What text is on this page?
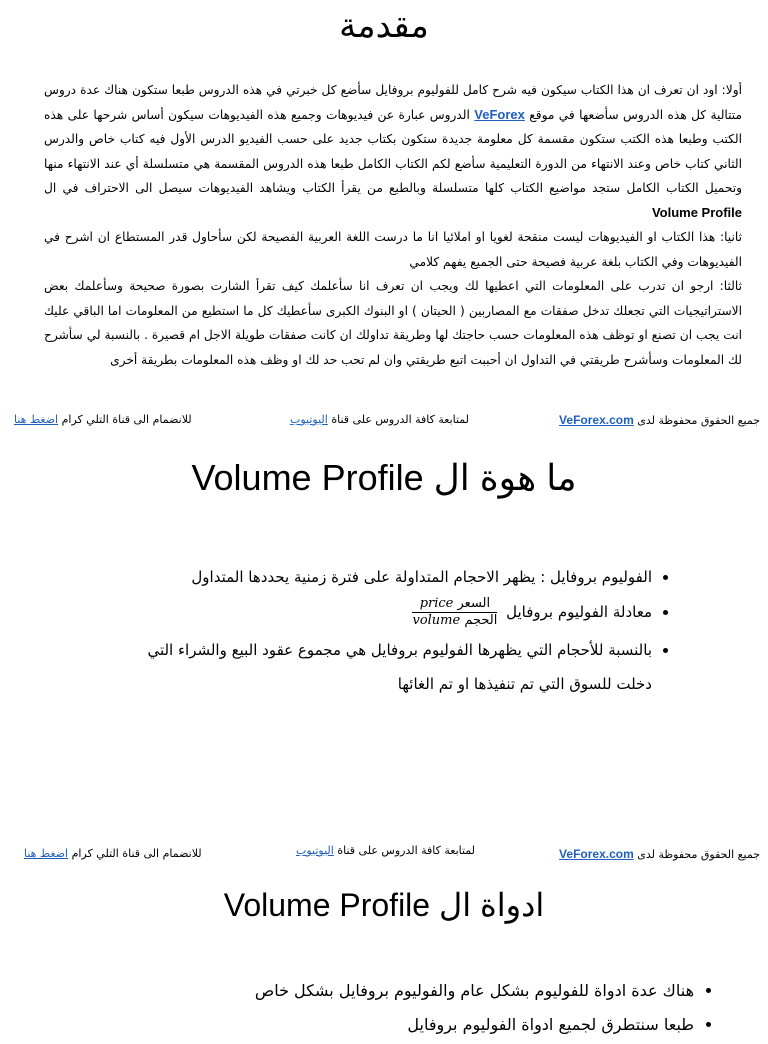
مقدمة

أولا: اود ان تعرف ان هذا الكتاب سيكون فيه شرح كامل للفوليوم بروفايل سأضع كل خبرتي في هذه الدروس طبعا ستكون هناك عدة دروس متتالية كل هذه الدروس سأضعها في موقع VeForex الدروس عبارة عن فيديوهات وجميع هذه الفيديوهات سيكون أساس شرحها على هذه الكتب وطبعا هذه الكتب ستكون مقسمة كل معلومة جديدة ستكون بكتاب جديد على حسب الفيديو الدرس الأول فيه كتاب خاص والدرس الثاني كتاب خاص وعند الانتهاء من الدورة التعليمية سأضع لكم الكتاب الكامل طبعا هذه الدروس المقسمة هي متسلسلة أي عند الانتهاء منها وتحميل الكتاب الكامل ستجد مواضيع الكتاب كلها متسلسلة وبالطبع من يقرأ الكتاب ويشاهد الفيديوهات سيصل الى الاحتراف في ال Volume Profile

ثانيا: هذا الكتاب او الفيديوهات ليست منقحة لغويا او املائيا انا ما درست اللغة العربية الفصيحة لكن سأحاول قدر المستطاع ان اشرح في الفيديوهات وفي الكتاب بلغة عربية فصيحة حتى الجميع يفهم كلامي

ثالثا: ارجو ان تدرب على المعلومات التي اعطيها لك ويجب ان تعرف انا سأعلمك كيف تقرأ الشارت بصورة صحيحة وسأعلمك بعض الاستراتيجيات التي تجعلك تدخل صفقات مع المصاربين ( الحيتان ) او البنوك الكبرى سأعطيك كل ما استطيع من المعلومات اما الباقي عليك انت يجب ان تصنع او توظف هذه المعلومات حسب حاجتك لها وطريقة تداولك ان كانت صفقات طويلة الاجل ام قصيرة . بالنسبة لي سأشرح لك المعلومات وسأشرح طريقتي في التداول ان أحببت اتبع طريقتي وان لم تحب حد لك او وظف هذه المعلومات بطريقة أخرى

جميع الحقوق محفوظة لدى VeForex.com
لمتابعة كافة الدروس على قناة اليوتيوب
للانضمام الى قناة التلي كرام اضغط هنا
ما هوة ال Volume Profile
• الفوليوم بروفايل : يظهر الاحجام المتداولة على فترة زمنية يحددها المتداول
• معادلة الفوليوم بروفايل
$\frac{\text{price السعر}}{\text{volume الحجم}}$
• بالنسبة للأحجام التي يظهرها الفوليوم بروفايل هي مجموع عقود البيع والشراء التي دخلت للسوق التي تم تنفيذها او تم الغائها
جميع الحقوق محفوظة لدى VeForex.com
لمتابعة كافة الدروس على قناة اليوتيوب
للانضمام الى قناة التلي كرام اضغط هنا
ادواة ال Volume Profile
• هناك عدة ادواة للفوليوم بشكل عام والفوليوم بروفايل بشكل خاص
• طبعا سنتطرق لجميع ادواة الفوليوم بروفايل
